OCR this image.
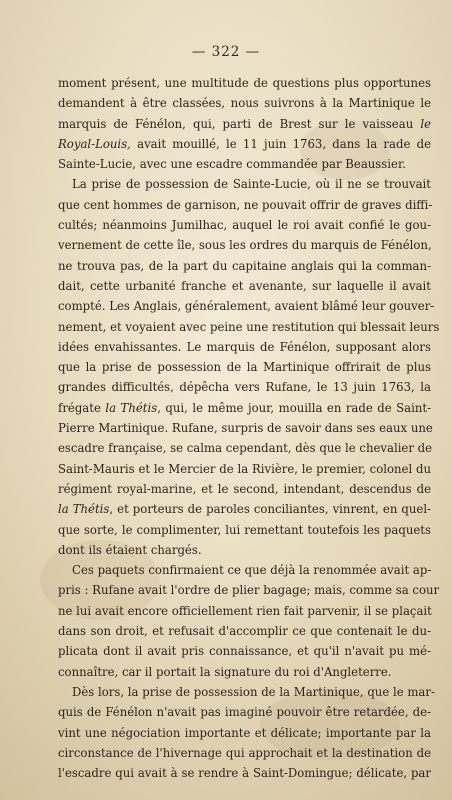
— 322 —
moment présent, une multitude de questions plus opportunes
demandent à être classées, nous suivrons à la Martinique le
marquis de Fénélon, qui, parti de Brest sur le vaisseau le
Royal-Louis, avait mouillé, le 11 juin 1763, dans la rade de
Sainte-Lucie, avec une escadre commandée par Beaussier.
La prise de possession de Sainte-Lucie, où il ne se trouvait
que cent hommes de garnison, ne pouvait offrir de graves diffi-
cultés; néanmoins Jumilhac, auquel le roi avait confié le gou-
vernement de cette île, sous les ordres du marquis de Fénélon,
ne trouva pas, de la part du capitaine anglais qui la comman-
dait, cette urbanité franche et avenante, sur laquelle il avait
compté. Les Anglais, généralement, avaient blâmé leur gouver-
nement, et voyaient avec peine une restitution qui blessait leurs
idées envahissantes. Le marquis de Fénélon, supposant alors
que la prise de possession de la Martinique offrirait de plus
grandes difficultés, dépêcha vers Rufane, le 13 juin 1763, la
frégate la Thétis, qui, le même jour, mouilla en rade de Saint-
Pierre Martinique. Rufane, surpris de savoir dans ses eaux une
escadre française, se calma cependant, dès que le chevalier de
Saint-Mauris et le Mercier de la Rivière, le premier, colonel du
régiment royal-marine, et le second, intendant, descendus de
la Thétis, et porteurs de paroles conciliantes, vinrent, en quel-
que sorte, le complimenter, lui remettant toutefois les paquets
dont ils étaient chargés.
Ces paquets confirmaient ce que déjà la renommée avait ap-
pris : Rufane avait l'ordre de plier bagage; mais, comme sa cour
ne lui avait encore officiellement rien fait parvenir, il se plaçait
dans son droit, et refusait d'accomplir ce que contenait le du-
plicata dont il avait pris connaissance, et qu'il n'avait pu mé-
connaître, car il portait la signature du roi d'Angleterre.
Dès lors, la prise de possession de la Martinique, que le mar-
quis de Fénélon n'avait pas imaginé pouvoir être retardée, de-
vint une négociation importante et délicate; importante par la
circonstance de l'hivernage qui approchait et la destination de
l'escadre qui avait à se rendre à Saint-Domingue; délicate, par
